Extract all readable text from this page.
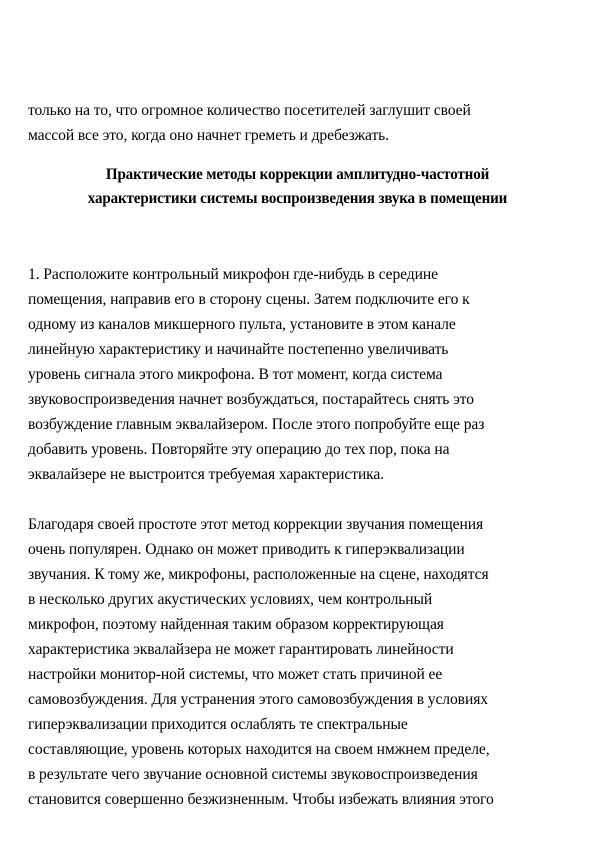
только на то, что огромное количество посетителей заглушит своей
массой все это, когда оно начнет греметь и дребезжать.
Практические методы коррекции амплитудно-частотной
характеристики системы воспроизведения звука в помещении
1. Расположите контрольный микрофон где-нибудь в середине
помещения, направив его в сторону сцены. Затем подключите его к
одному из каналов микшерного пульта, установите в этом канале
линейную характеристику и начинайте постепенно увеличивать
уровень сигнала этого микрофона. В тот момент, когда система
звуковоспроизведения начнет возбуждаться, постарайтесь снять это
возбуждение главным эквалайзером. После этого попробуйте еще раз
добавить уровень. Повторяйте эту операцию до тех пор, пока на
эквалайзере не выстроится требуемая характеристика.
Благодаря своей простоте этот метод коррекции звучания помещения
очень популярен. Однако он может приводить к гиперэквализации
звучания. К тому же, микрофоны, расположенные на сцене, находятся
в несколько других акустических условиях, чем контрольный
микрофон, поэтому найденная таким образом корректирующая
характеристика эквалайзера не может гарантировать линейности
настройки монитор-ной системы, что может стать причиной ее
самовозбуждения. Для устранения этого самовозбуждения в условиях
гиперэквализации приходится ослаблять те спектральные
составляющие, уровень которых находится на своем нмжнем пределе,
в результате чего звучание основной системы звуковоспроизведения
становится совершенно безжизненным. Чтобы избежать влияния этого
